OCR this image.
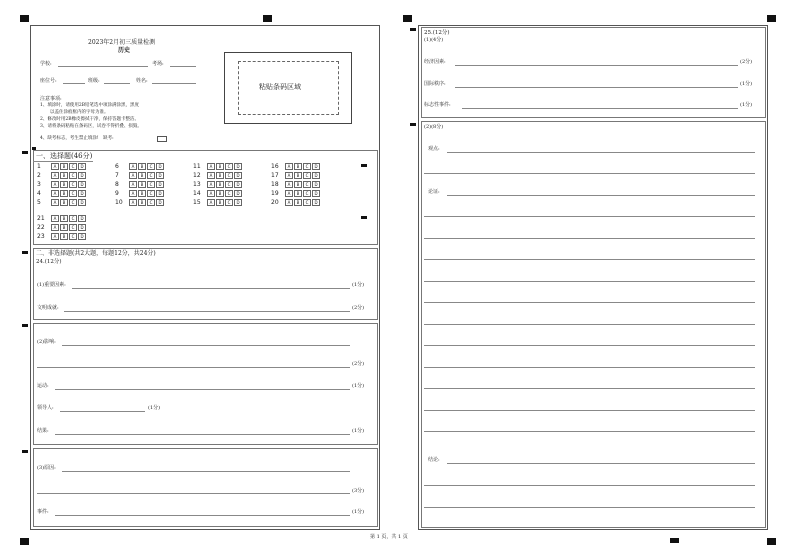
2023年2月初三质量检测
历史
学校:	考场:
座位号:	班级:	姓名:
粘贴条码区域
注意事项:
1、填涂时，请使用2B铅笔选中项涂满涂黑，黑度
以盖住涂痕框内的字母为准。
2、修改时用2B橡皮擦拭干净，保持答题卡整洁。
3、请将条码粘贴在条码区，试卷不得折叠、损毁。
4、缺考标志，考生禁止填涂!　缺考:
一、选择题(46分)
1	A B C D
2	A B C D
3	A B C D
4	A B C D
5	A B C D
6	A B C D
7	A B C D
8	A B C D
9	A B C D
10 A B C D
11 A B C D
12 A B C D
13 A B C D
14 A B C D
15 A B C D
16 A B C D
17 A B C D
18 A B C D
19 A B C D
20 A B C D
21 A B C D
22 A B C D
23 A B C D
二、非选择题(共2大题，每题12分，共24分)
24.(12分)
(1)重要因素:	(1分)
文明成就:	(2分)
(2)影响:
(2分)
运动:	(1分)
领导人:	(1分)
结果:	(1分)
(3)原因:
(3分)
事件:	(1分)
25.(12分)
(1)(4分)
经济因素:	(2分)
国际秩序:	(1分)
标志性事件:	(1分)
(2)(8分)
观点:
论证:
结论:
第 1 页，共 1 页
